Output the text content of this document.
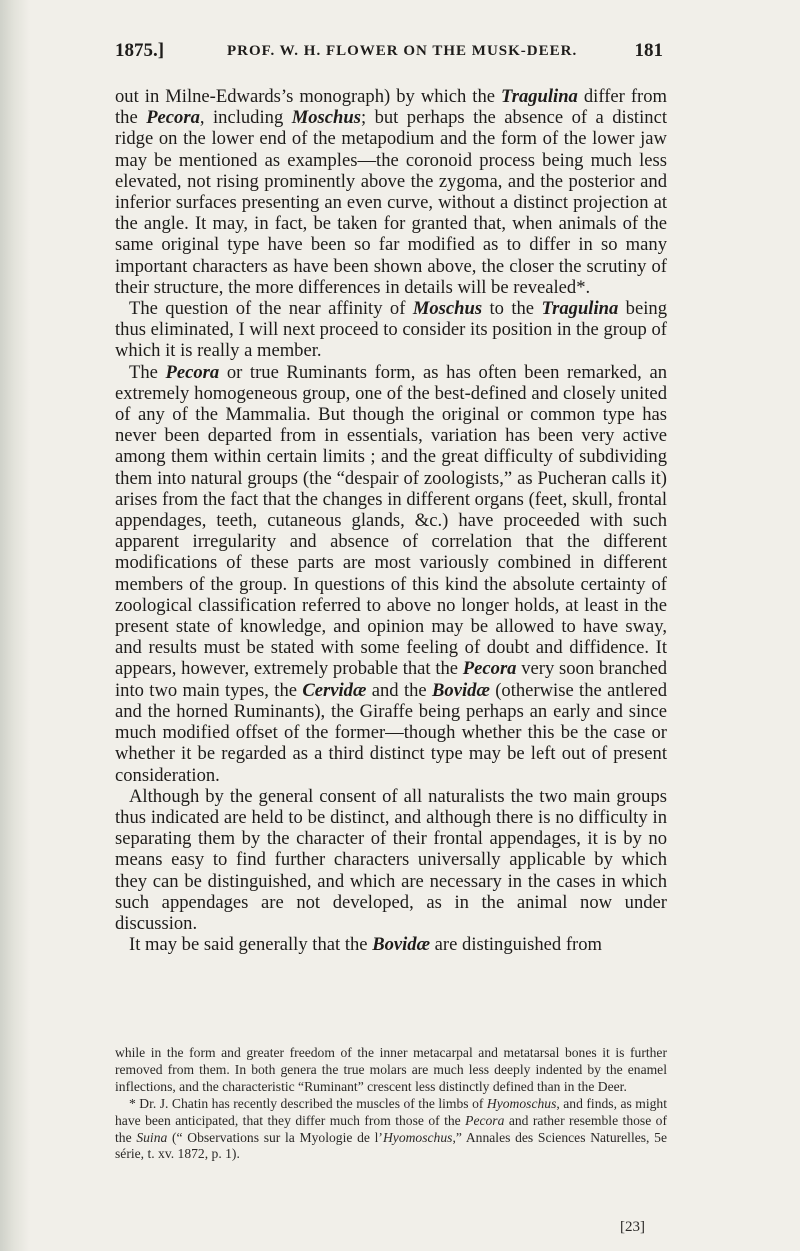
1875.]	PROF. W. H. FLOWER ON THE MUSK-DEER.	181

out in Milne-Edwards’s monograph) by which the Tragulina differ from the Pecora, including Moschus; but perhaps the absence of a distinct ridge on the lower end of the metapodium and the form of the lower jaw may be mentioned as examples—the coronoid process being much less elevated, not rising prominently above the zygoma, and the posterior and inferior surfaces presenting an even curve, without a distinct projection at the angle. It may, in fact, be taken for granted that, when animals of the same original type have been so far modified as to differ in so many important characters as have been shown above, the closer the scrutiny of their structure, the more differences in details will be revealed*.

The question of the near affinity of Moschus to the Tragulina being thus eliminated, I will next proceed to consider its position in the group of which it is really a member.

The Pecora or true Ruminants form, as has often been remarked, an extremely homogeneous group, one of the best-defined and closely united of any of the Mammalia. But though the original or common type has never been departed from in essentials, variation has been very active among them within certain limits ; and the great difficulty of subdividing them into natural groups (the “despair of zoologists,” as Pucheran calls it) arises from the fact that the changes in different organs (feet, skull, frontal appendages, teeth, cutaneous glands, &c.) have proceeded with such apparent irregularity and absence of correlation that the different modifications of these parts are most variously combined in different members of the group. In questions of this kind the absolute certainty of zoological classification referred to above no longer holds, at least in the present state of knowledge, and opinion may be allowed to have sway, and results must be stated with some feeling of doubt and diffidence. It appears, however, extremely probable that the Pecora very soon branched into two main types, the Cervidæ and the Bovidæ (otherwise the antlered and the horned Ruminants), the Giraffe being perhaps an early and since much modified offset of the former—though whether this be the case or whether it be regarded as a third distinct type may be left out of present consideration.

Although by the general consent of all naturalists the two main groups thus indicated are held to be distinct, and although there is no difficulty in separating them by the character of their frontal appendages, it is by no means easy to find further characters universally applicable by which they can be distinguished, and which are necessary in the cases in which such appendages are not developed, as in the animal now under discussion.

It may be said generally that the Bovidæ are distinguished from

while in the form and greater freedom of the inner metacarpal and metatarsal bones it is further removed from them. In both genera the true molars are much less deeply indented by the enamel inflections, and the characteristic “Ruminant” crescent less distinctly defined than in the Deer.

* Dr. J. Chatin has recently described the muscles of the limbs of Hyomoschus, and finds, as might have been anticipated, that they differ much from those of the Pecora and rather resemble those of the Suina (“ Observations sur la Myologie de l’Hyomoschus,” Annales des Sciences Naturelles, 5e série, t. xv. 1872, p. 1).

[23]
